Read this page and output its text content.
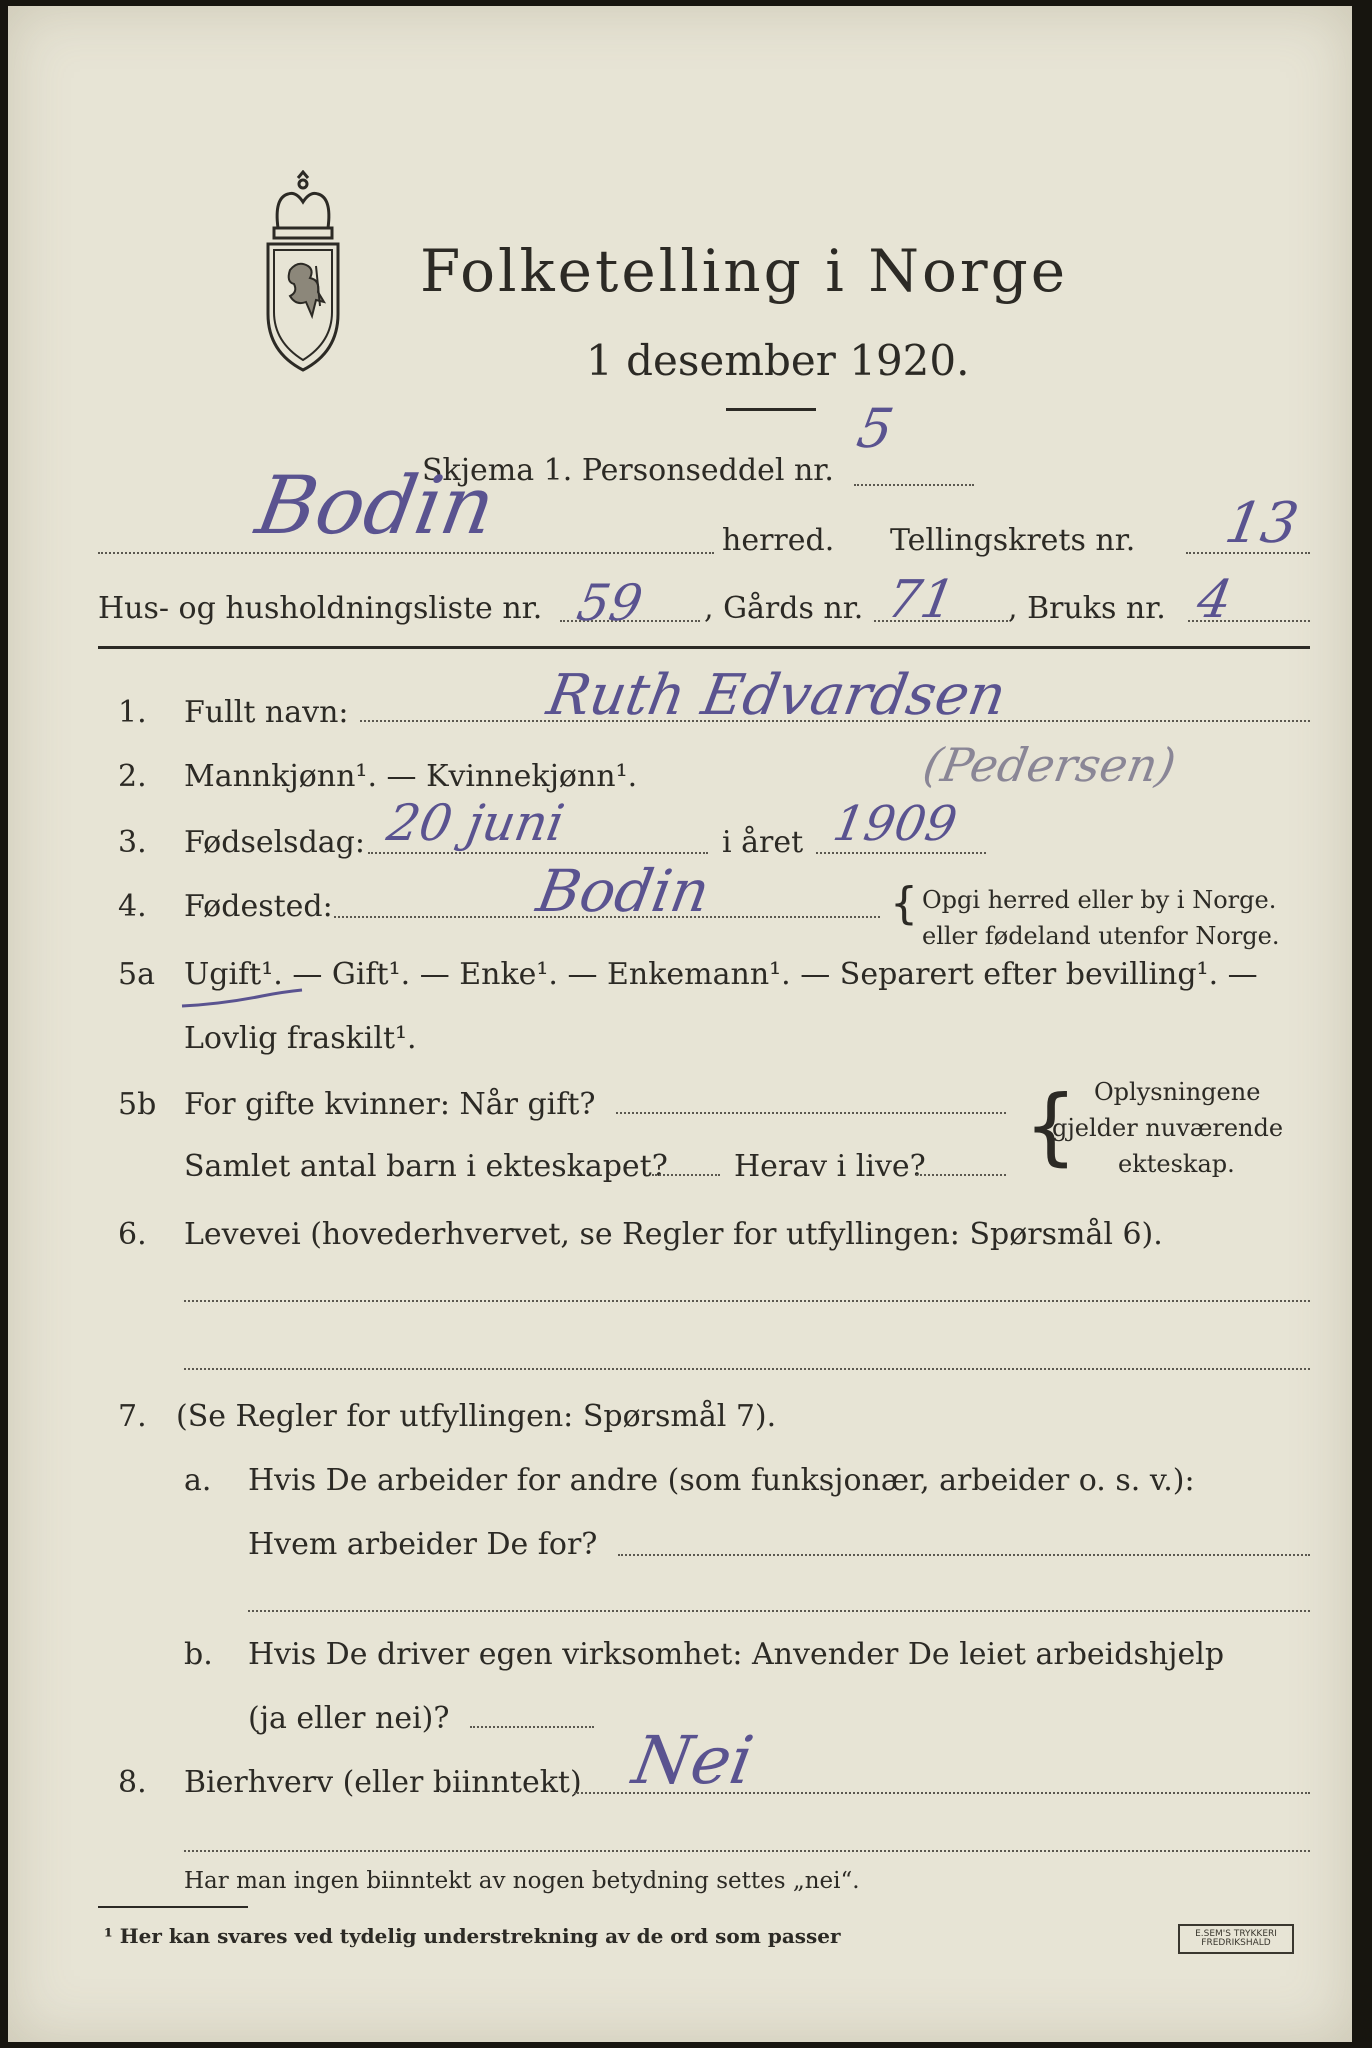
Folketelling i Norge
1 desember 1920.
Skjema 1. Personseddel nr.
5
Bodin	herred. Tellingskrets nr. 13
Hus- og husholdningsliste nr. 59 , Gårds nr. 71 , Bruks nr. 4
1. Fullt navn:	Ruth Edvardsen
(Pedersen)
2. Mannkjønn¹. — Kvinnekjønn¹.
3. Fødselsdag: 20 juni	i året 1909
4. Fødested:	Bodin	{ Opgi herred eller by i Norge.
eller fødeland utenfor Norge.
5a Ugift¹. — Gift¹. — Enke¹. — Enkemann¹. — Separert efter bevilling¹. —
Lovlig fraskilt¹.
5b For gifte kvinner: Når gift?
Samlet antal barn i ekteskapet? Herav i live? { Oplysningene
gjelder nuværende
ekteskap.
6. Levevei (hovederhvervet, se Regler for utfyllingen: Spørsmål 6).
7. (Se Regler for utfyllingen: Spørsmål 7).
a. Hvis De arbeider for andre (som funksjonær, arbeider o. s. v.):
Hvem arbeider De for?
b. Hvis De driver egen virksomhet: Anvender De leiet arbeidshjelp
(ja eller nei)?
8. Bierhverv (eller biinntekt) Nei
Har man ingen biinntekt av nogen betydning settes „nei“.
¹ Her kan svares ved tydelig understrekning av de ord som passer	E.SEM'S TRYKKERI FREDRIKSHALD
